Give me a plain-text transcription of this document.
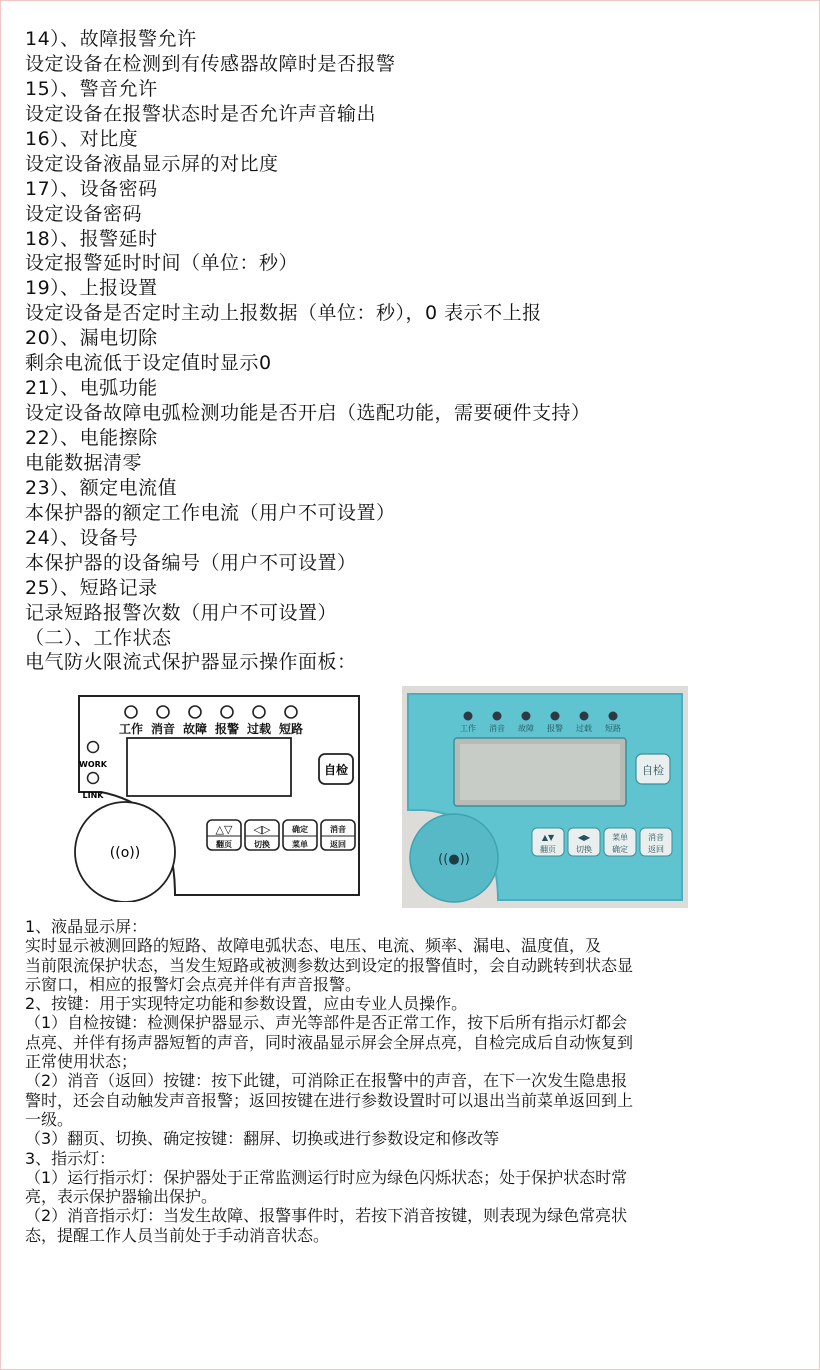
14）、故障报警允许
设定设备在检测到有传感器故障时是否报警
15）、警音允许
设定设备在报警状态时是否允许声音输出
16）、对比度
设定设备液晶显示屏的对比度
17）、设备密码
设定设备密码
18）、报警延时
设定报警延时时间（单位：秒）
19）、上报设置
设定设备是否定时主动上报数据（单位：秒），0 表示不上报
20）、漏电切除
剩余电流低于设定值时显示0
21）、电弧功能
设定设备故障电弧检测功能是否开启（选配功能，需要硬件支持）
22）、电能擦除
电能数据清零
23）、额定电流值
本保护器的额定工作电流（用户不可设置）
24）、设备号
本保护器的设备编号（用户不可设置）
25）、短路记录
记录短路报警次数（用户不可设置）
（二）、工作状态
电气防火限流式保护器显示操作面板：
工作 消音 故障 报警 过载 短路
WORK
LINK
自检
((o))
△▽
翻页
◁▷
切换
确定
菜单
消音
返回
工作 消音 故障 报警 过载 短路
自检
((●))
▲▼
翻页
◀▶
切换
菜单
确定
消音
返回
1、液晶显示屏：
实时显示被测回路的短路、故障电弧状态、电压、电流、频率、漏电、温度值，及
当前限流保护状态，当发生短路或被测参数达到设定的报警值时，会自动跳转到状态显
示窗口，相应的报警灯会点亮并伴有声音报警。
2、按键：用于实现特定功能和参数设置，应由专业人员操作。
（1）自检按键：检测保护器显示、声光等部件是否正常工作，按下后所有指示灯都会
点亮、并伴有扬声器短暂的声音，同时液晶显示屏会全屏点亮，自检完成后自动恢复到
正常使用状态；
（2）消音（返回）按键：按下此键，可消除正在报警中的声音，在下一次发生隐患报
警时，还会自动触发声音报警；返回按键在进行参数设置时可以退出当前菜单返回到上
一级。
（3）翻页、切换、确定按键：翻屏、切换或进行参数设定和修改等
3、指示灯：
（1）运行指示灯：保护器处于正常监测运行时应为绿色闪烁状态；处于保护状态时常
亮，表示保护器输出保护。
（2）消音指示灯：当发生故障、报警事件时，若按下消音按键，则表现为绿色常亮状
态，提醒工作人员当前处于手动消音状态。
